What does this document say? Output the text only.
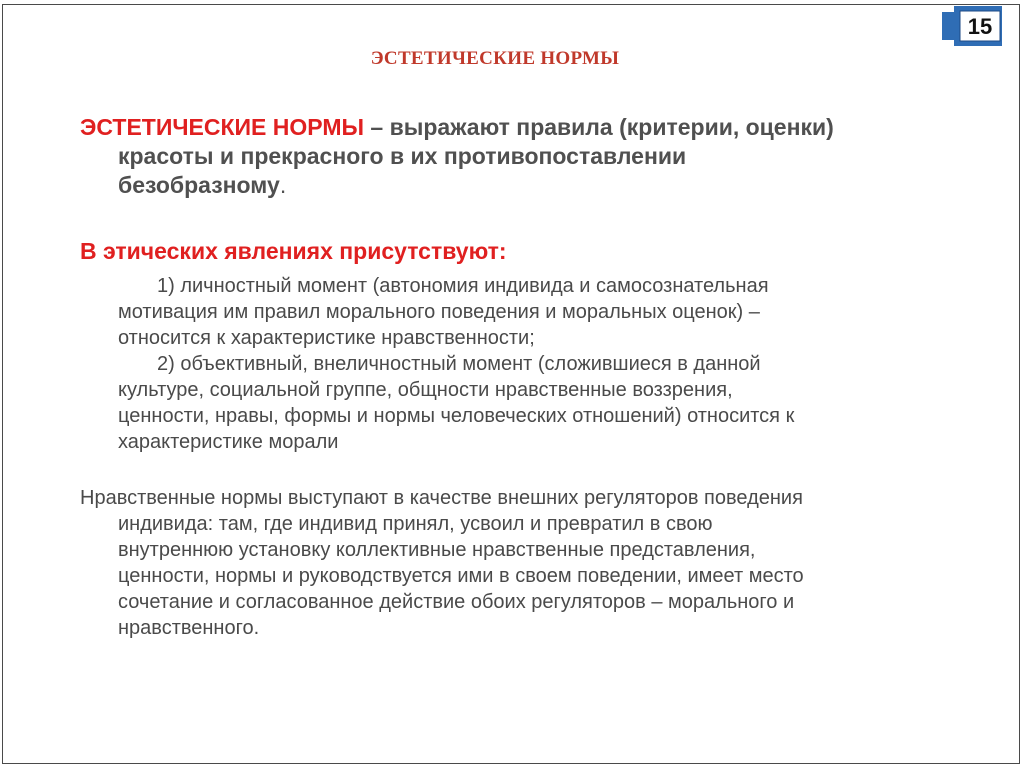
15
ЭСТЕТИЧЕСКИЕ НОРМЫ
ЭСТЕТИЧЕСКИЕ НОРМЫ – выражают правила (критерии, оценки)
красоты и прекрасного в их противопоставлении
безобразному.
В этических явлениях присутствуют:
1) личностный момент (автономия индивида и самосознательная
мотивация им правил морального поведения и моральных оценок) –
относится к характеристике нравственности;
2) объективный, внеличностный момент (сложившиеся в данной
культуре, социальной группе, общности нравственные воззрения,
ценности, нравы, формы и нормы человеческих отношений) относится к
характеристике морали
Нравственные нормы выступают в качестве внешних регуляторов поведения
индивида: там, где индивид принял, усвоил и превратил в свою
внутреннюю установку коллективные нравственные представления,
ценности, нормы и руководствуется ими в своем поведении, имеет место
сочетание и согласованное действие обоих регуляторов – морального и
нравственного.
